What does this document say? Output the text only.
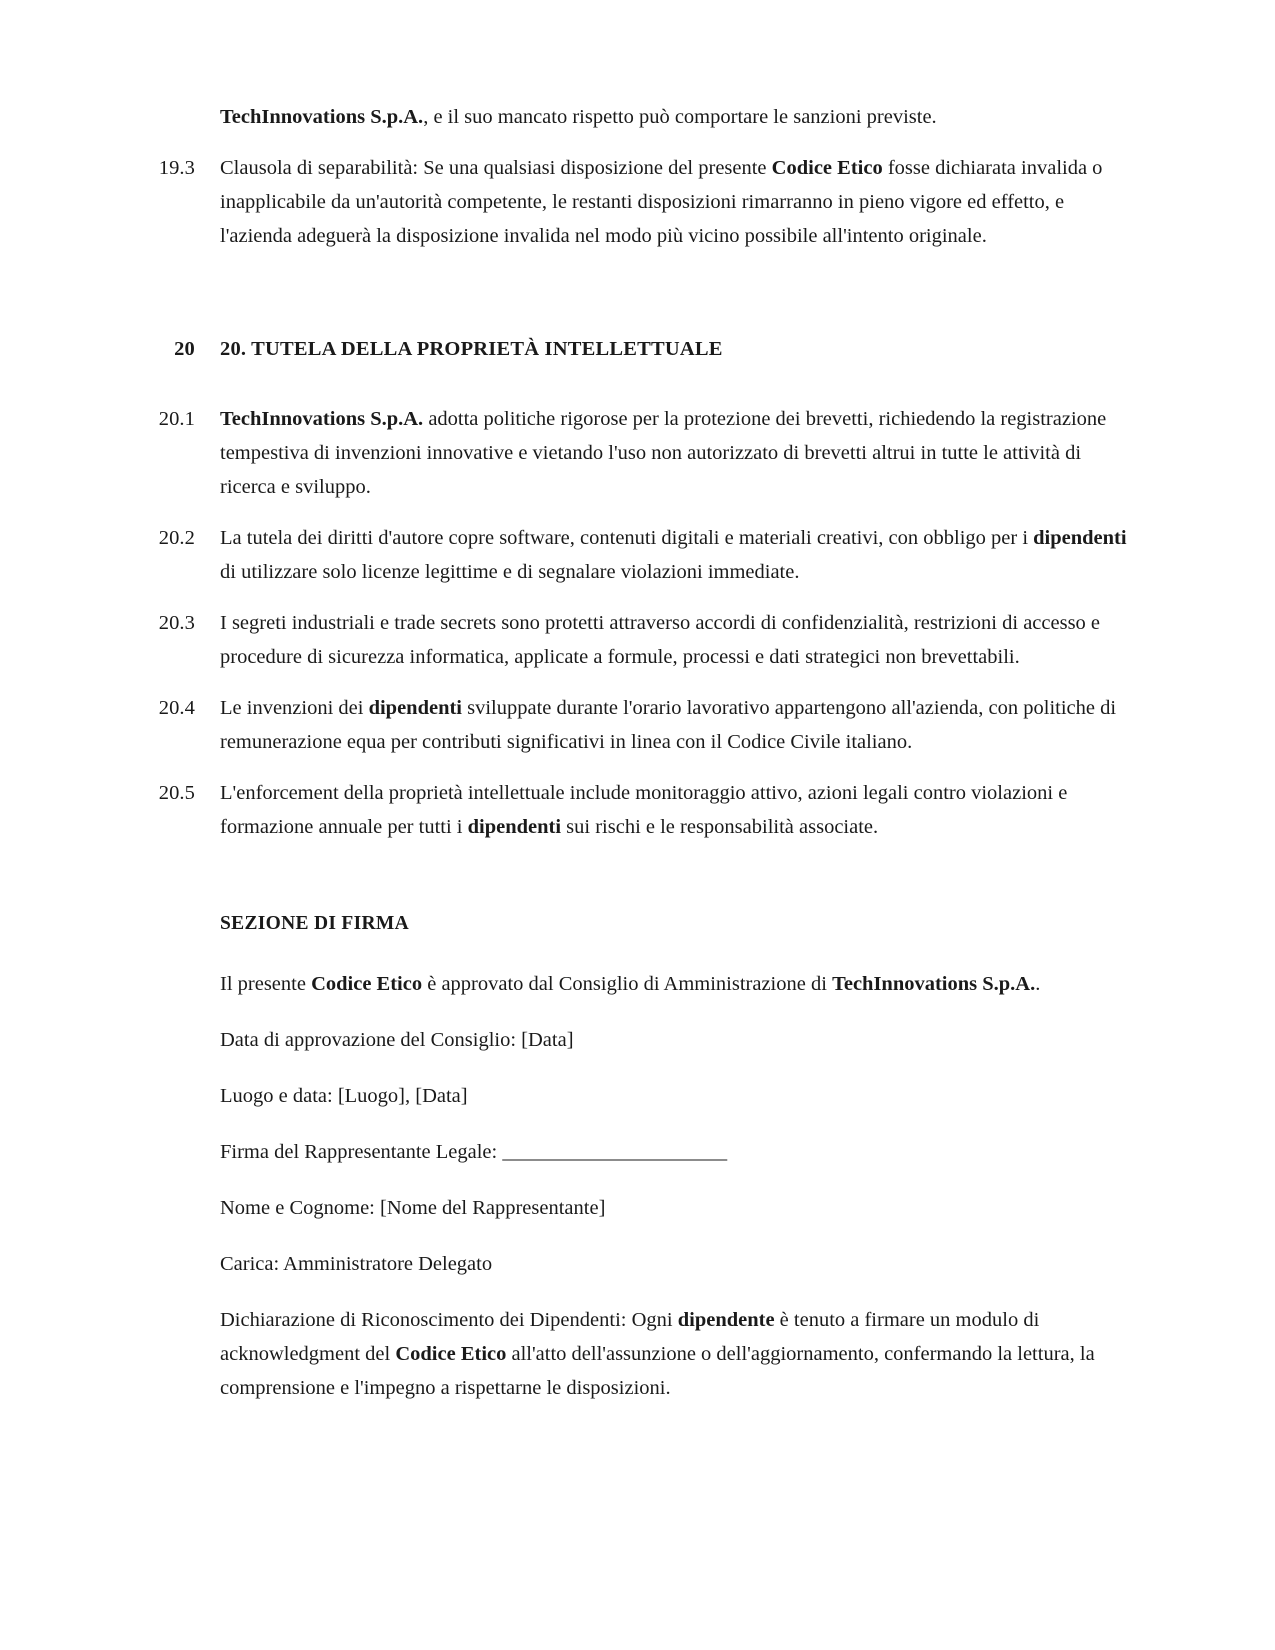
TechInnovations S.p.A., e il suo mancato rispetto può comportare le sanzioni previste.
19.3	Clausola di separabilità: Se una qualsiasi disposizione del presente Codice Etico fosse dichiarata invalida o inapplicabile da un'autorità competente, le restanti disposizioni rimarranno in pieno vigore ed effetto, e l'azienda adeguerà la disposizione invalida nel modo più vicino possibile all'intento originale.
20	20. TUTELA DELLA PROPRIETÀ INTELLETTUALE
20.1	TechInnovations S.p.A. adotta politiche rigorose per la protezione dei brevetti, richiedendo la registrazione tempestiva di invenzioni innovative e vietando l'uso non autorizzato di brevetti altrui in tutte le attività di ricerca e sviluppo.
20.2	La tutela dei diritti d'autore copre software, contenuti digitali e materiali creativi, con obbligo per i dipendenti di utilizzare solo licenze legittime e di segnalare violazioni immediate.
20.3	I segreti industriali e trade secrets sono protetti attraverso accordi di confidenzialità, restrizioni di accesso e procedure di sicurezza informatica, applicate a formule, processi e dati strategici non brevettabili.
20.4	Le invenzioni dei dipendenti sviluppate durante l'orario lavorativo appartengono all'azienda, con politiche di remunerazione equa per contributi significativi in linea con il Codice Civile italiano.
20.5	L'enforcement della proprietà intellettuale include monitoraggio attivo, azioni legali contro violazioni e formazione annuale per tutti i dipendenti sui rischi e le responsabilità associate.
SEZIONE DI FIRMA
Il presente Codice Etico è approvato dal Consiglio di Amministrazione di TechInnovations S.p.A..
Data di approvazione del Consiglio: [Data]
Luogo e data: [Luogo], [Data]
Firma del Rappresentante Legale: _______________________
Nome e Cognome: [Nome del Rappresentante]
Carica: Amministratore Delegato
Dichiarazione di Riconoscimento dei Dipendenti: Ogni dipendente è tenuto a firmare un modulo di acknowledgment del Codice Etico all'atto dell'assunzione o dell'aggiornamento, confermando la lettura, la comprensione e l'impegno a rispettarne le disposizioni.
